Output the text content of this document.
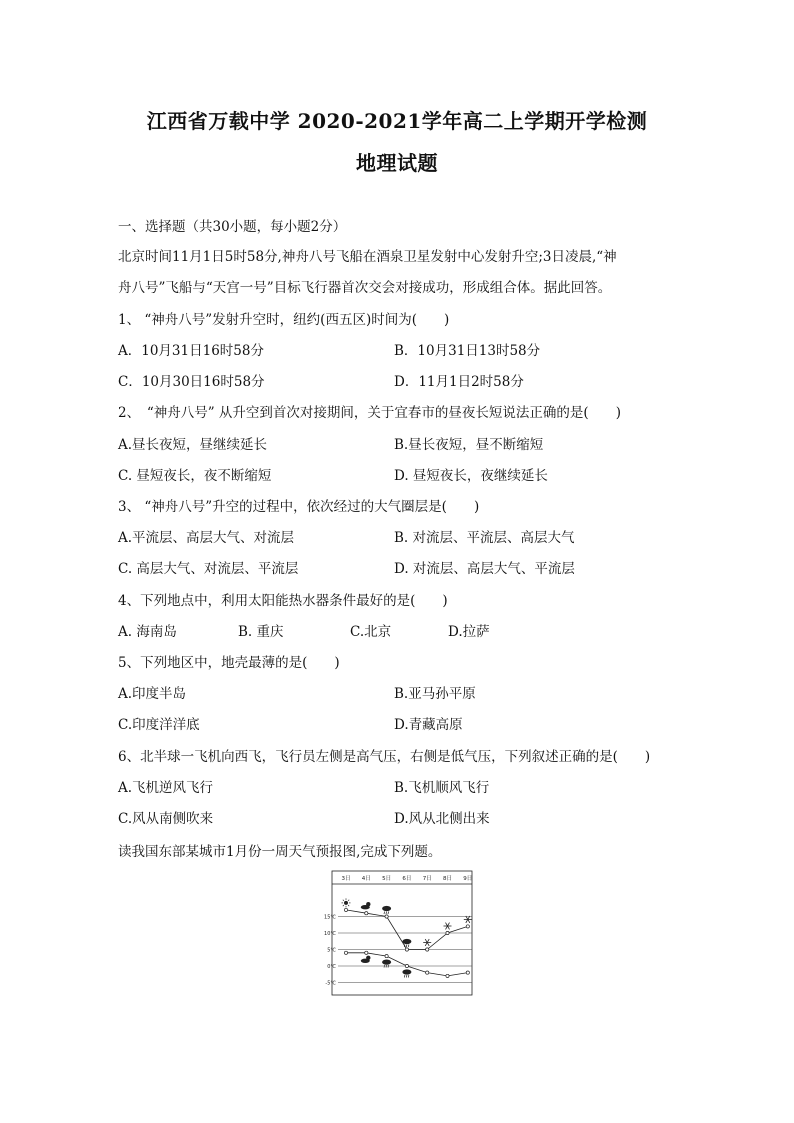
江西省万载中学 2020-2021学年高二上学期开学检测
地理试题
一、选择题（共30小题，每小题2分）
北京时间11月1日5时58分,神舟八号飞船在酒泉卫星发射中心发射升空;3日凌晨,“神
舟八号”飞船与“天宫一号”目标飞行器首次交会对接成功，形成组合体。据此回答。
1、 “神舟八号”发射升空时，纽约(西五区)时间为(　　)
A．10月31日16时58分	B．10月31日13时58分
C．10月30日16时58分	D．11月1日2时58分
2、　“神舟八号” 从升空到首次对接期间，关于宜春市的昼夜长短说法正确的是(　　)
A.昼长夜短，昼继续延长	B.昼长夜短，昼不断缩短
C. 昼短夜长，夜不断缩短	D. 昼短夜长，夜继续延长
3、 “神舟八号”升空的过程中，依次经过的大气圈层是(　　)
A.平流层、高层大气、对流层	B. 对流层、平流层、高层大气
C. 高层大气、对流层、平流层	D. 对流层、高层大气、平流层
4、下列地点中，利用太阳能热水器条件最好的是(　　)
A. 海南岛	B. 重庆	C.北京	D.拉萨
5、下列地区中，地壳最薄的是(　　)
A.印度半岛	B.亚马孙平原
C.印度洋洋底	D.青藏高原
6、北半球一飞机向西飞，飞行员左侧是高气压，右侧是低气压，下列叙述正确的是(　　)
A.飞机逆风飞行	B.飞机顺风飞行
C.风从南侧吹来	D.风从北侧出来
读我国东部某城市1月份一周天气预报图,完成下列题。
3日 4日 5日 6日 7日 8日 9日
15℃
10℃
5℃
0℃
-5℃
